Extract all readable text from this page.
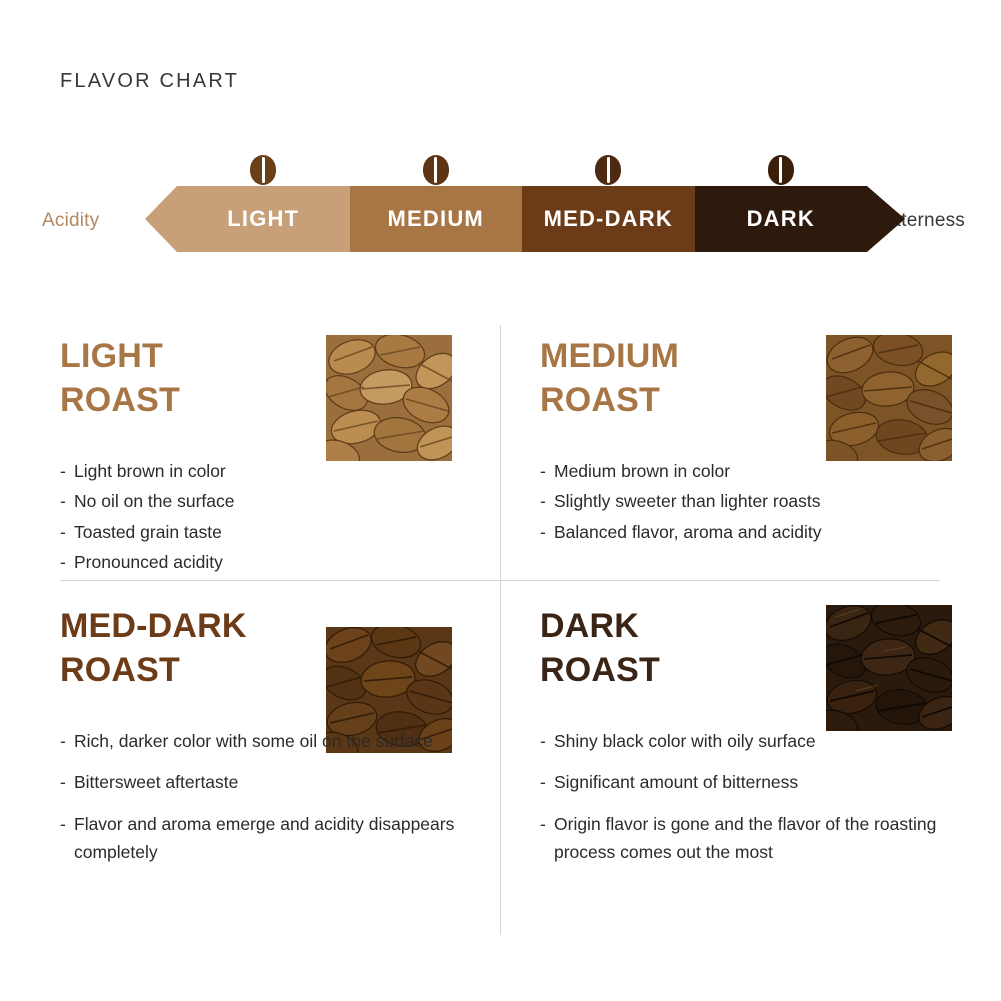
FLAVOR CHART
Acidity	Bitterness
LIGHT	MEDIUM	MED-DARK	DARK
LIGHT
ROAST
- Light brown in color
- No oil on the surface
- Toasted grain taste
- Pronounced acidity
MEDIUM
ROAST
- Medium brown in color
- Slightly sweeter than lighter roasts
- Balanced flavor, aroma and acidity
MED-DARK
ROAST
- Rich, darker color with some oil on the surface
- Bittersweet aftertaste
- Flavor and aroma emerge and acidity disappears completely
DARK
ROAST
- Shiny black color with oily surface
- Significant amount of bitterness
- Origin flavor is gone and the flavor of the roasting process comes out the most
